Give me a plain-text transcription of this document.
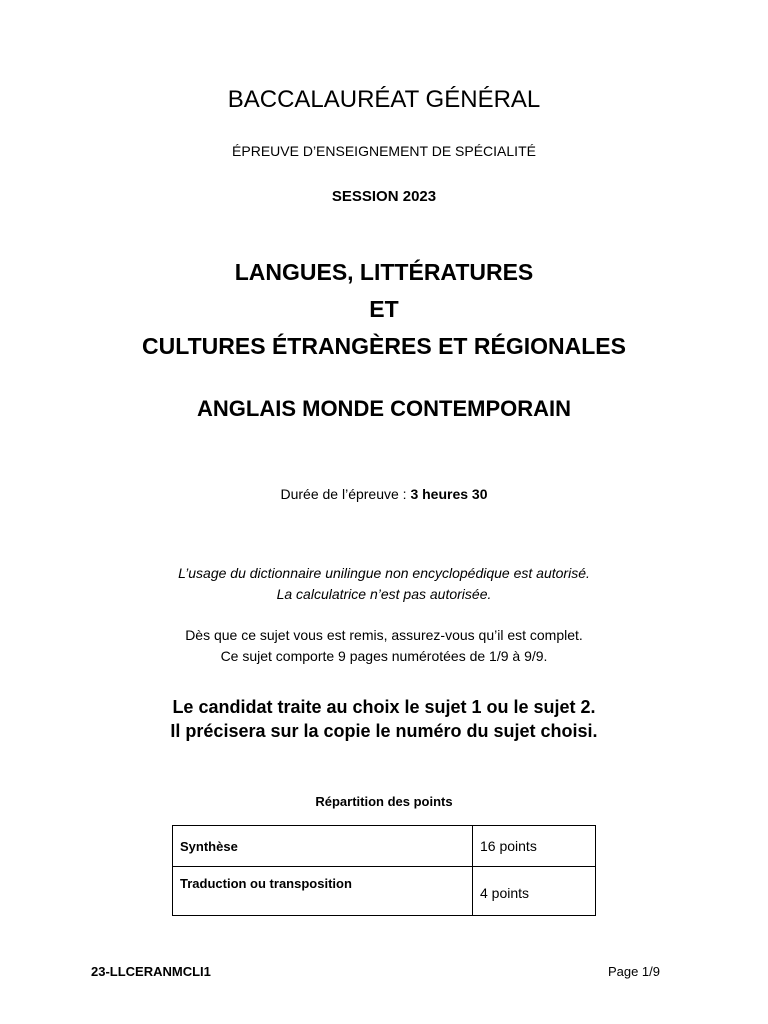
BACCALAURÉAT GÉNÉRAL
ÉPREUVE D’ENSEIGNEMENT DE SPÉCIALITÉ
SESSION 2023
LANGUES, LITTÉRATURES
ET
CULTURES ÉTRANGÈRES ET RÉGIONALES
ANGLAIS MONDE CONTEMPORAIN
Durée de l’épreuve : 3 heures 30
L’usage du dictionnaire unilingue non encyclopédique est autorisé.
La calculatrice n’est pas autorisée.
Dès que ce sujet vous est remis, assurez-vous qu’il est complet.
Ce sujet comporte 9 pages numérotées de 1/9 à 9/9.
Le candidat traite au choix le sujet 1 ou le sujet 2.
Il précisera sur la copie le numéro du sujet choisi.
Répartition des points
Synthèse	16 points
Traduction ou transposition	4 points
23-LLCERANMCLI1	Page 1/9
